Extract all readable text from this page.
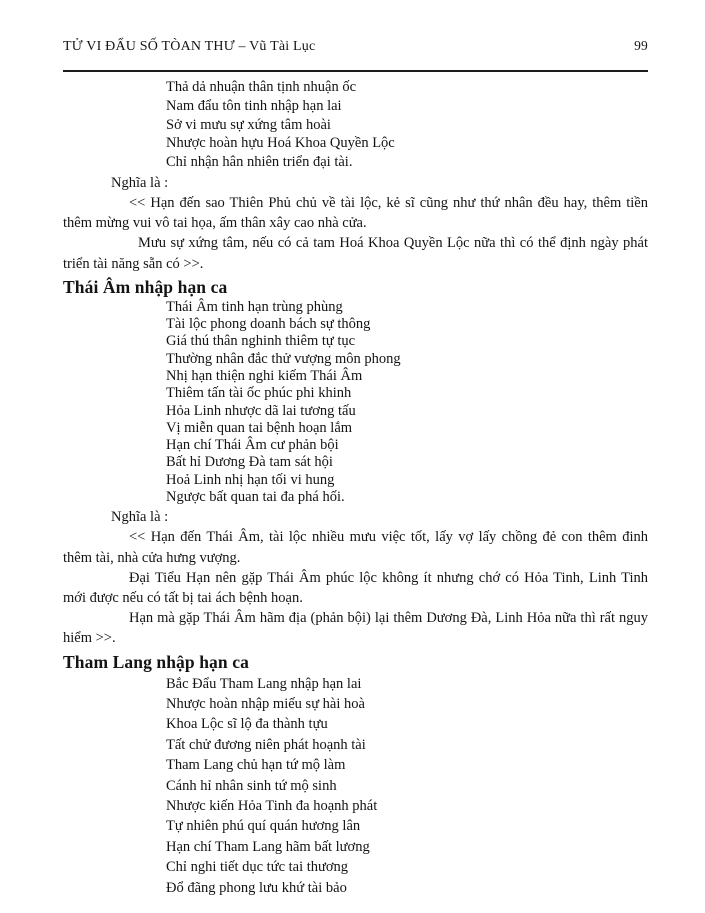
TỬ VI ĐẨU SỐ TÒAN THƯ – Vũ Tài Lục	99
Thả dả nhuận thân tịnh nhuận ốc
Nam đẩu tôn tinh nhập hạn lai
Sở vi mưu sự xứng tâm hoài
Nhược hoàn hựu Hoá Khoa Quyền Lộc
Chỉ nhận hân nhiên triển đại tài.
Nghĩa là :

<< Hạn đến sao Thiên Phủ chủ về tài lộc, kẻ sĩ cũng như thứ nhân đều hay, thêm tiền thêm mừng vui vô tai họa, ấm thân xây cao nhà cửa.

Mưu sự xứng tâm, nếu có cả tam Hoá Khoa Quyền Lộc nữa thì có thể định ngày phát triển tài năng sẵn có >>.

Thái Âm nhập hạn ca
Thái Âm tinh hạn trùng phùng
Tài lộc phong doanh bách sự thông
Giá thú thân nghinh thiêm tự tục
Thường nhân đắc thử vượng môn phong
Nhị hạn thiện nghi kiếm Thái Âm
Thiêm tấn tài ốc phúc phi khinh
Hỏa Linh nhược dã lai tương tấu
Vị miễn quan tai bệnh hoạn lắm
Hạn chí Thái Âm cư phản bội
Bất hỉ Dương Đà tam sát hội
Hoả Linh nhị hạn tối vi hung
Ngược bất quan tai đa phá hối.
Nghĩa là :

<< Hạn đến Thái Âm, tài lộc nhiều mưu việc tốt, lấy vợ lấy chồng đẻ con thêm đinh thêm tài, nhà cửa hưng vượng.

Đại Tiểu Hạn nên gặp Thái Âm phúc lộc không ít nhưng chớ có Hỏa Tinh, Linh Tinh mới được nếu có tất bị tai ách bệnh hoạn.

Hạn mà gặp Thái Âm hãm địa (phản bội) lại thêm Dương Đà, Linh Hỏa nữa thì rất nguy hiểm >>.

Tham Lang nhập hạn ca
Bắc Đẩu Tham Lang nhập hạn lai
Nhược hoàn nhập miếu sự hài hoà
Khoa Lộc sĩ lộ đa thành tựu
Tất chử đương niên phát hoạnh tài
Tham Lang chủ hạn tứ mộ làm
Cánh hỉ nhân sinh tứ mộ sinh
Nhược kiến Hỏa Tinh đa hoạnh phát
Tự nhiên phú quí quán hương lân
Hạn chí Tham Lang hãm bất lương
Chỉ nghi tiết dục tức tai thương
Đổ đãng phong lưu khứ tài bảo
